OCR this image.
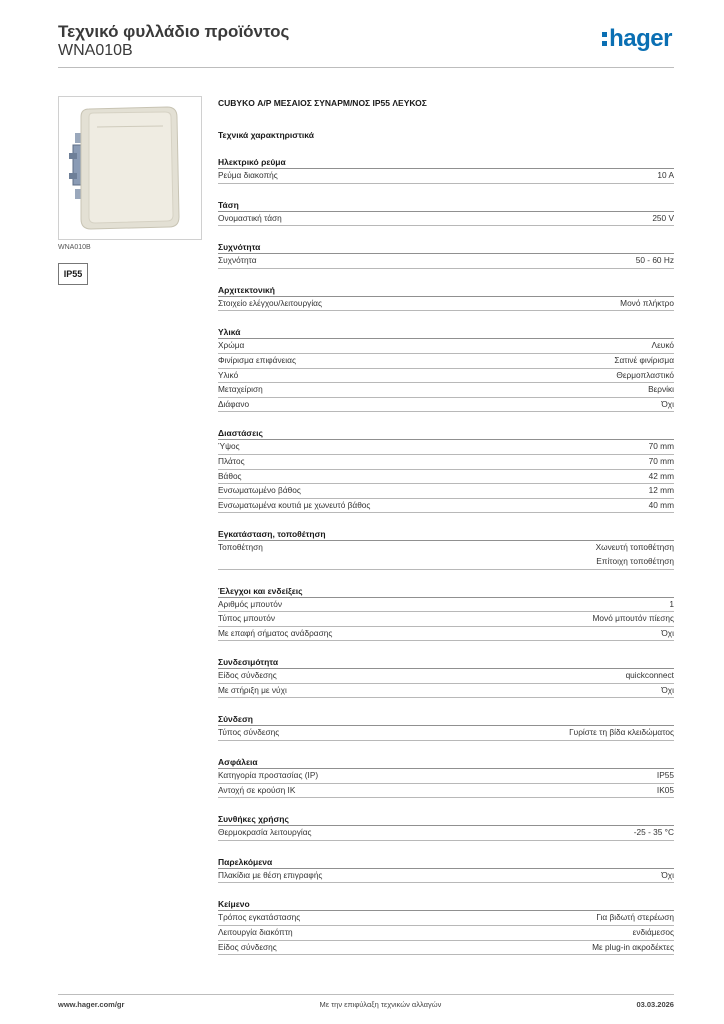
Τεχνικό φυλλάδιο προϊόντος
WNA010B	hager
WNA010B
IP55
CUBYKO Α/Ρ ΜΕΣΑΙΟΣ ΣΥΝΑΡΜ/ΝΟΣ IP55 ΛΕΥΚΟΣ
Τεχνικά χαρακτηριστικά
Ηλεκτρικό ρεύμα
Ρεύμα διακοπής	10 A
Τάση
Ονομαστική τάση	250 V
Συχνότητα
Συχνότητα	50 - 60 Hz
Αρχιτεκτονική
Στοιχείο ελέγχου/λειτουργίας	Μονό πλήκτρο
Υλικά
Χρώμα	Λευκό
Φινίρισμα επιφάνειας	Σατινέ φινίρισμα
Υλικό	Θερμοπλαστικό
Μεταχείριση	Βερνίκι
Διάφανο	Όχι
Διαστάσεις
Ύψος	70 mm
Πλάτος	70 mm
Βάθος	42 mm
Ενσωματωμένο βάθος	12 mm
Ενσωματωμένα κουτιά με χωνευτό βάθος	40 mm
Εγκατάσταση, τοποθέτηση
Τοποθέτηση	Χωνευτή τοποθέτηση
Επίτοιχη τοποθέτηση
Έλεγχοι και ενδείξεις
Αριθμός μπουτόν	1
Τύπος μπουτόν	Μονό μπουτόν πίεσης
Με επαφή σήματος ανάδρασης	Όχι
Συνδεσιμότητα
Είδος σύνδεσης	quickconnect
Με στήριξη με νύχι	Όχι
Σύνδεση
Τύπος σύνδεσης	Γυρίστε τη βίδα κλειδώματος
Ασφάλεια
Κατηγορία προστασίας (IP)	IP55
Αντοχή σε κρούση IK	IK05
Συνθήκες χρήσης
Θερμοκρασία λειτουργίας	-25 - 35 °C
Παρελκόμενα
Πλακίδια με θέση επιγραφής	Όχι
Κείμενο
Τρόπος εγκατάστασης	Για βιδωτή στερέωση
Λειτουργία διακόπτη	ενδιάμεσος
Είδος σύνδεσης	Με plug-in ακροδέκτες
www.hager.com/gr	Με την επιφύλαξη τεχνικών αλλαγών	03.03.2026
